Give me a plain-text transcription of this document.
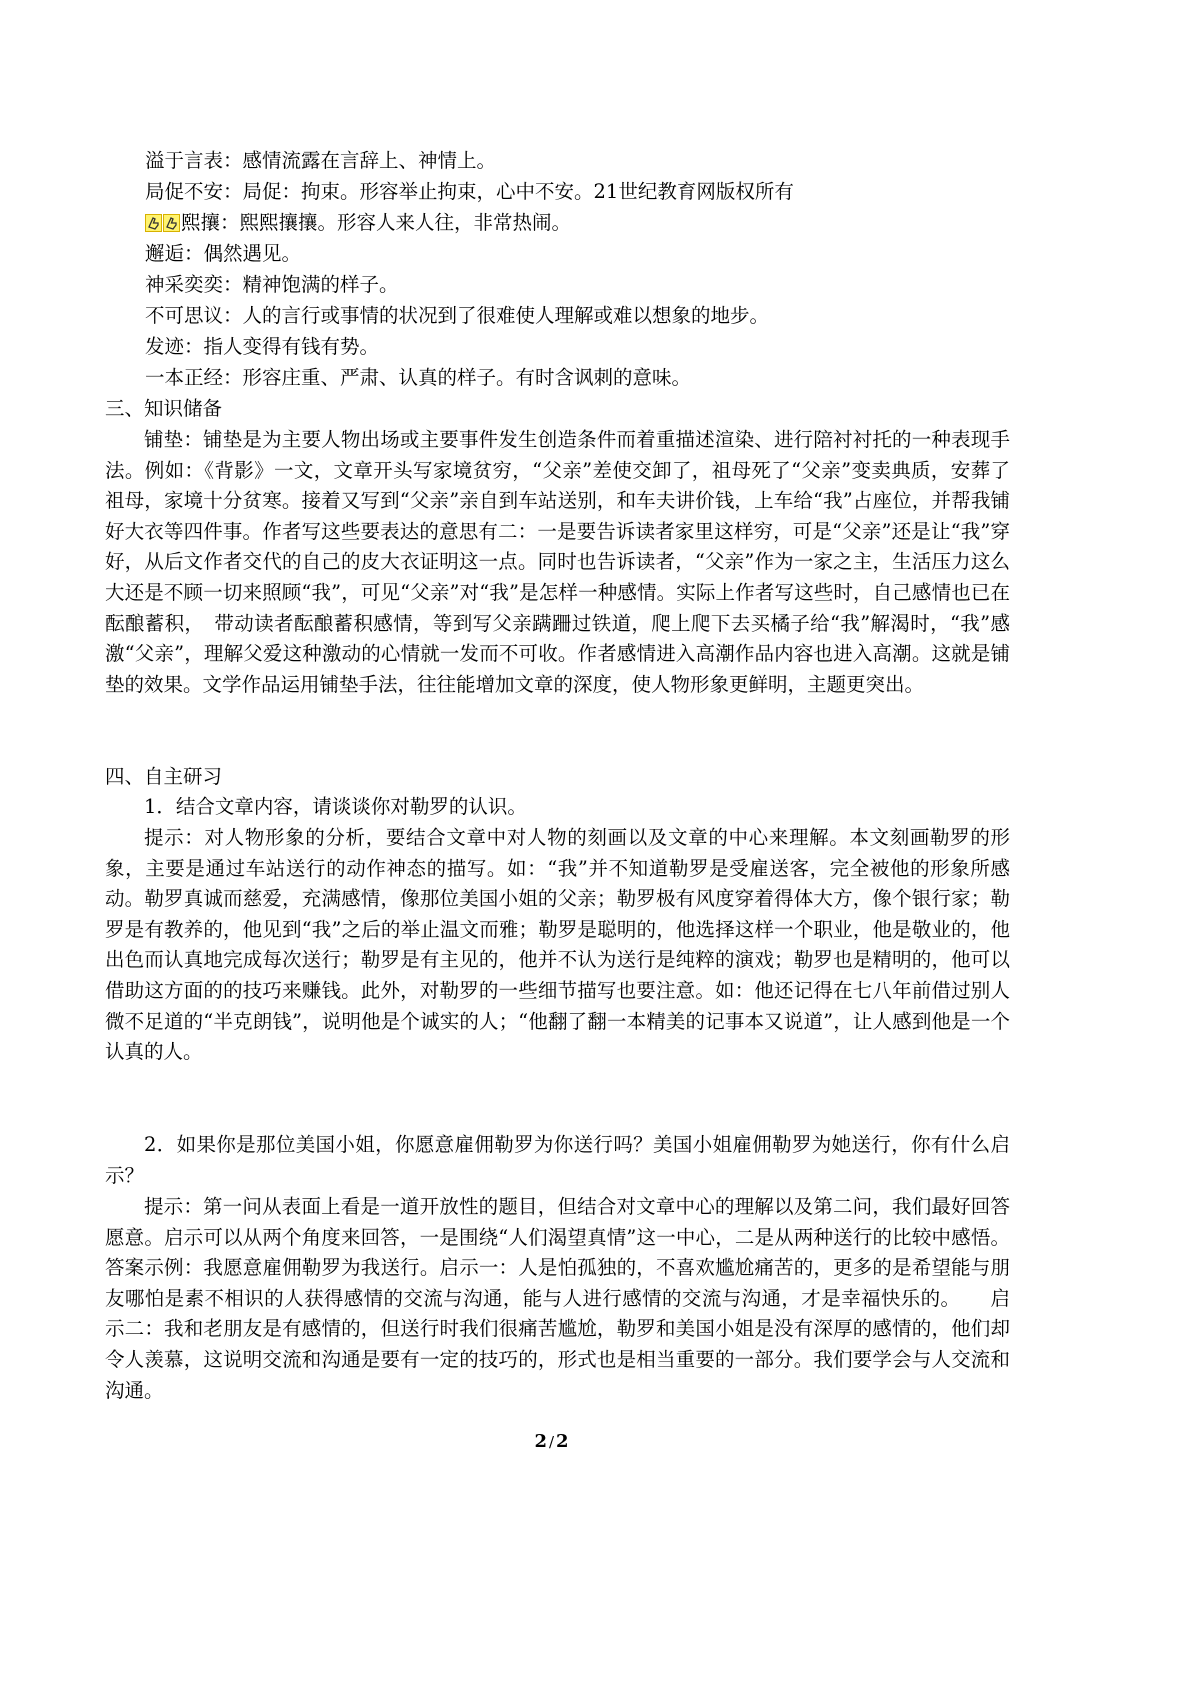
溢于言表：感情流露在言辞上、神情上。
局促不安：局促：拘束。形容举止拘束，心中不安。21世纪教育网版权所有
熙攘：熙熙攘攘。形容人来人往，非常热闹。
邂逅：偶然遇见。
神采奕奕：精神饱满的样子。
不可思议：人的言行或事情的状况到了很难使人理解或难以想象的地步。
发迹：指人变得有钱有势。
一本正经：形容庄重、严肃、认真的样子。有时含讽刺的意味。
三、知识储备
铺垫：铺垫是为主要人物出场或主要事件发生创造条件而着重描述渲染、进行陪衬衬托的一种表现手法。例如：《背影》一文，文章开头写家境贫穷，“父亲”差使交卸了，祖母死了“父亲”变卖典质，安葬了祖母，家境十分贫寒。接着又写到“父亲”亲自到车站送别，和车夫讲价钱，上车给“我”占座位，并帮我铺好大衣等四件事。作者写这些要表达的意思有二：一是要告诉读者家里这样穷，可是“父亲”还是让“我”穿好，从后文作者交代的自己的皮大衣证明这一点。同时也告诉读者，“父亲”作为一家之主，生活压力这么大还是不顾一切来照顾“我”，可见“父亲”对“我”是怎样一种感情。实际上作者写这些时，自己感情也已在酝酿蓄积，　带动读者酝酿蓄积感情，等到写父亲蹒跚过铁道，爬上爬下去买橘子给“我”解渴时，“我”感激“父亲”，理解父爱这种激动的心情就一发而不可收。作者感情进入高潮作品内容也进入高潮。这就是铺垫的效果。文学作品运用铺垫手法，往往能增加文章的深度，使人物形象更鲜明，主题更突出。
四、自主研习
1．结合文章内容，请谈谈你对勒罗的认识。
提示：对人物形象的分析，要结合文章中对人物的刻画以及文章的中心来理解。本文刻画勒罗的形象，主要是通过车站送行的动作神态的描写。如：“我”并不知道勒罗是受雇送客，完全被他的形象所感动。勒罗真诚而慈爱，充满感情，像那位美国小姐的父亲；勒罗极有风度穿着得体大方，像个银行家；勒罗是有教养的，他见到“我”之后的举止温文而雅；勒罗是聪明的，他选择这样一个职业，他是敬业的，他出色而认真地完成每次送行；勒罗是有主见的，他并不认为送行是纯粹的演戏；勒罗也是精明的，他可以借助这方面的的技巧来赚钱。此外，对勒罗的一些细节描写也要注意。如：他还记得在七八年前借过别人微不足道的“半克朗钱”，说明他是个诚实的人；“他翻了翻一本精美的记事本又说道”，让人感到他是一个认真的人。
2．如果你是那位美国小姐，你愿意雇佣勒罗为你送行吗？美国小姐雇佣勒罗为她送行，你有什么启示？
提示：第一问从表面上看是一道开放性的题目，但结合对文章中心的理解以及第二问，我们最好回答愿意。启示可以从两个角度来回答，一是围绕“人们渴望真情”这一中心，二是从两种送行的比较中感悟。答案示例：我愿意雇佣勒罗为我送行。启示一：人是怕孤独的，不喜欢尴尬痛苦的，更多的是希望能与朋友哪怕是素不相识的人获得感情的交流与沟通，能与人进行感情的交流与沟通，才是幸福快乐的。　　启示二：我和老朋友是有感情的，但送行时我们很痛苦尴尬，勒罗和美国小姐是没有深厚的感情的，他们却令人羡慕，这说明交流和沟通是要有一定的技巧的，形式也是相当重要的一部分。我们要学会与人交流和沟通。
2 / 2
